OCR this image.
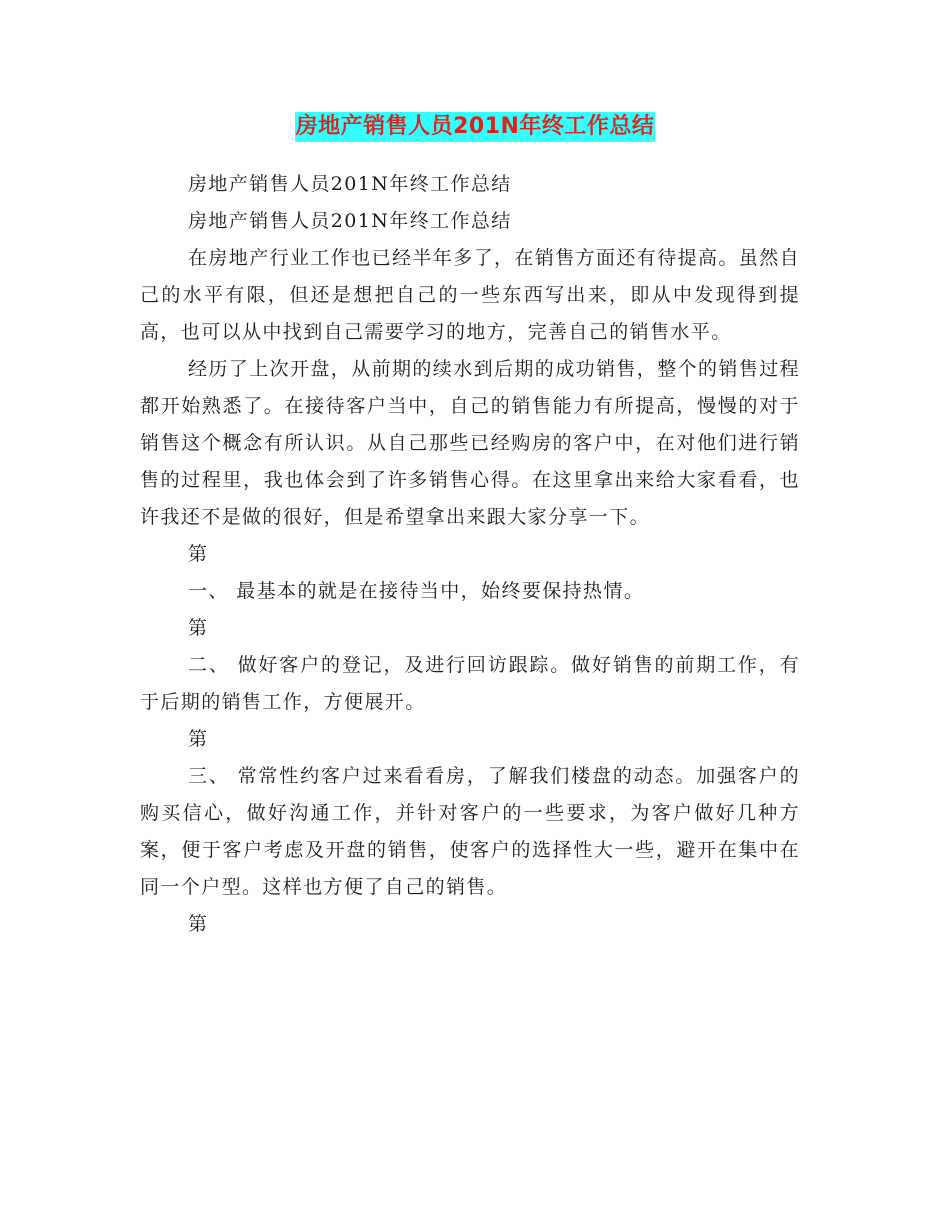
房地产销售人员201N年终工作总结

房地产销售人员201N年终工作总结

房地产销售人员201N年终工作总结

在房地产行业工作也已经半年多了，在销售方面还有待提高。虽然自己的水平有限，但还是想把自己的一些东西写出来，即从中发现得到提高，也可以从中找到自己需要学习的地方，完善自己的销售水平。

经历了上次开盘，从前期的续水到后期的成功销售，整个的销售过程都开始熟悉了。在接待客户当中，自己的销售能力有所提高，慢慢的对于销售这个概念有所认识。从自己那些已经购房的客户中，在对他们进行销售的过程里，我也体会到了许多销售心得。在这里拿出来给大家看看，也许我还不是做的很好，但是希望拿出来跟大家分享一下。

第

一、 最基本的就是在接待当中，始终要保持热情。

第

二、 做好客户的登记，及进行回访跟踪。做好销售的前期工作，有于后期的销售工作，方便展开。

第

三、 常常性约客户过来看看房，了解我们楼盘的动态。加强客户的购买信心，做好沟通工作，并针对客户的一些要求，为客户做好几种方案，便于客户考虑及开盘的销售，使客户的选择性大一些，避开在集中在同一个户型。这样也方便了自己的销售。

第
